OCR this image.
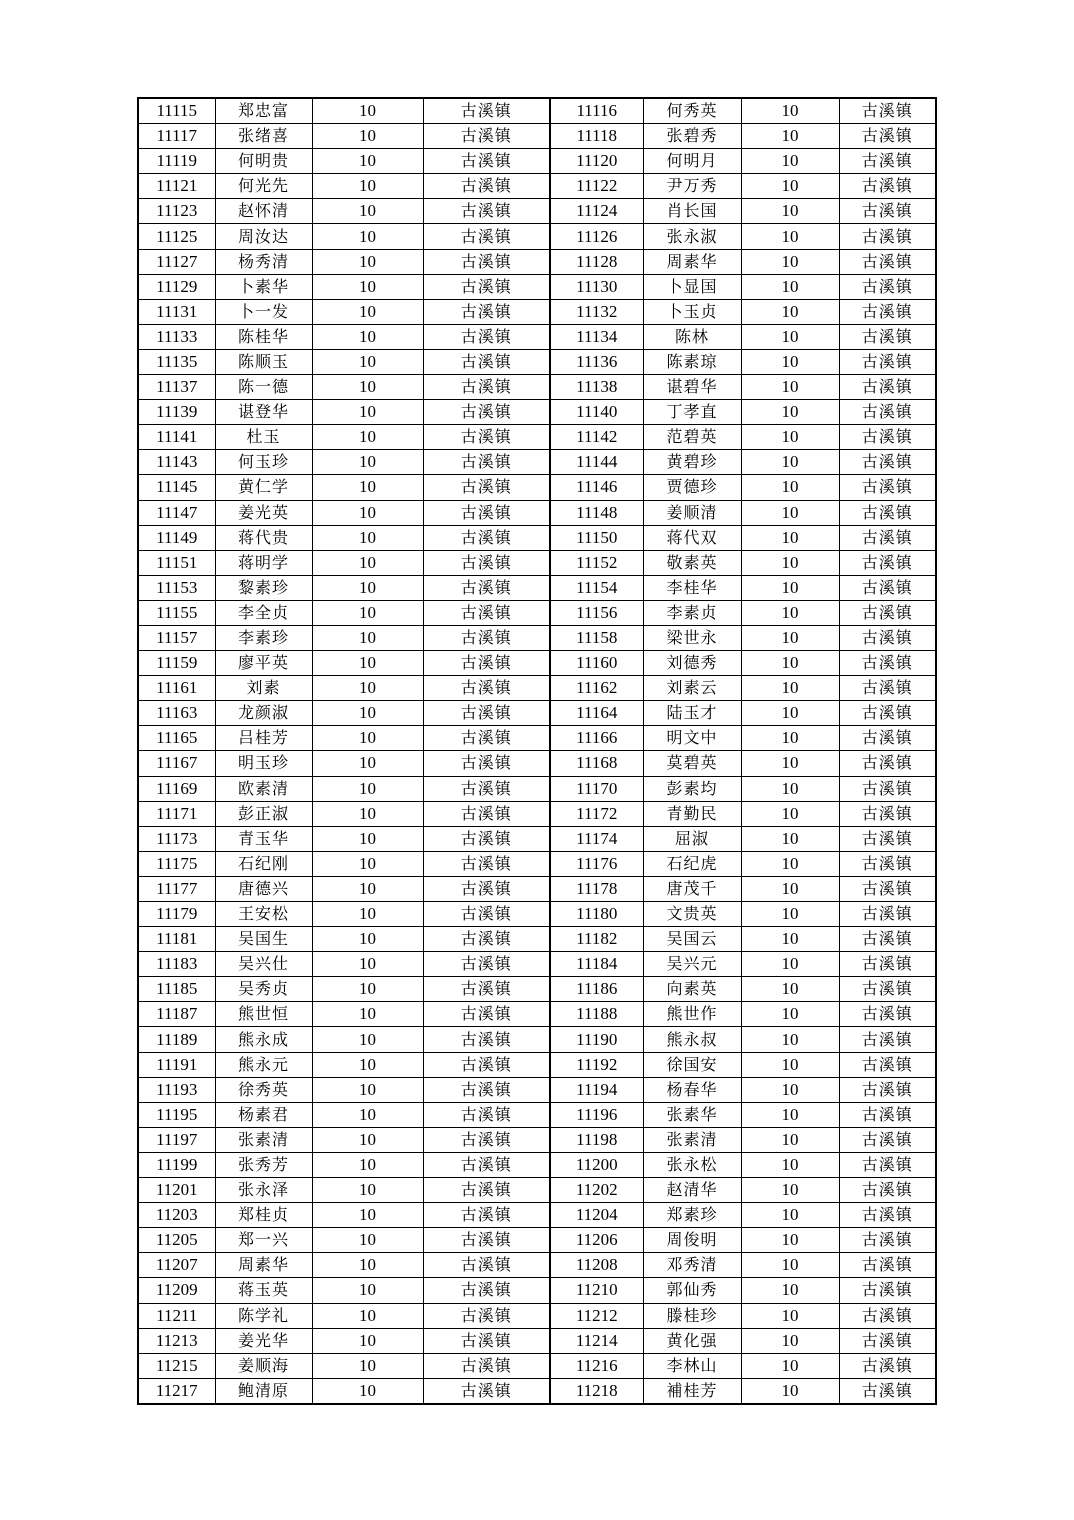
11115	郑忠富	10	古溪镇	11116	何秀英	10	古溪镇
11117	张绪喜	10	古溪镇	11118	张碧秀	10	古溪镇
11119	何明贵	10	古溪镇	11120	何明月	10	古溪镇
11121	何光先	10	古溪镇	11122	尹万秀	10	古溪镇
11123	赵怀清	10	古溪镇	11124	肖长国	10	古溪镇
11125	周汝达	10	古溪镇	11126	张永淑	10	古溪镇
11127	杨秀清	10	古溪镇	11128	周素华	10	古溪镇
11129	卜素华	10	古溪镇	11130	卜显国	10	古溪镇
11131	卜一发	10	古溪镇	11132	卜玉贞	10	古溪镇
11133	陈桂华	10	古溪镇	11134	陈林	10	古溪镇
11135	陈顺玉	10	古溪镇	11136	陈素琼	10	古溪镇
11137	陈一德	10	古溪镇	11138	谌碧华	10	古溪镇
11139	谌登华	10	古溪镇	11140	丁孝直	10	古溪镇
11141	杜玉	10	古溪镇	11142	范碧英	10	古溪镇
11143	何玉珍	10	古溪镇	11144	黄碧珍	10	古溪镇
11145	黄仁学	10	古溪镇	11146	贾德珍	10	古溪镇
11147	姜光英	10	古溪镇	11148	姜顺清	10	古溪镇
11149	蒋代贵	10	古溪镇	11150	蒋代双	10	古溪镇
11151	蒋明学	10	古溪镇	11152	敬素英	10	古溪镇
11153	黎素珍	10	古溪镇	11154	李桂华	10	古溪镇
11155	李全贞	10	古溪镇	11156	李素贞	10	古溪镇
11157	李素珍	10	古溪镇	11158	梁世永	10	古溪镇
11159	廖平英	10	古溪镇	11160	刘德秀	10	古溪镇
11161	刘素	10	古溪镇	11162	刘素云	10	古溪镇
11163	龙颜淑	10	古溪镇	11164	陆玉才	10	古溪镇
11165	吕桂芳	10	古溪镇	11166	明文中	10	古溪镇
11167	明玉珍	10	古溪镇	11168	莫碧英	10	古溪镇
11169	欧素清	10	古溪镇	11170	彭素均	10	古溪镇
11171	彭正淑	10	古溪镇	11172	青勤民	10	古溪镇
11173	青玉华	10	古溪镇	11174	屈淑	10	古溪镇
11175	石纪刚	10	古溪镇	11176	石纪虎	10	古溪镇
11177	唐德兴	10	古溪镇	11178	唐茂千	10	古溪镇
11179	王安松	10	古溪镇	11180	文贵英	10	古溪镇
11181	吴国生	10	古溪镇	11182	吴国云	10	古溪镇
11183	吴兴仕	10	古溪镇	11184	吴兴元	10	古溪镇
11185	吴秀贞	10	古溪镇	11186	向素英	10	古溪镇
11187	熊世恒	10	古溪镇	11188	熊世作	10	古溪镇
11189	熊永成	10	古溪镇	11190	熊永叔	10	古溪镇
11191	熊永元	10	古溪镇	11192	徐国安	10	古溪镇
11193	徐秀英	10	古溪镇	11194	杨春华	10	古溪镇
11195	杨素君	10	古溪镇	11196	张素华	10	古溪镇
11197	张素清	10	古溪镇	11198	张素清	10	古溪镇
11199	张秀芳	10	古溪镇	11200	张永松	10	古溪镇
11201	张永泽	10	古溪镇	11202	赵清华	10	古溪镇
11203	郑桂贞	10	古溪镇	11204	郑素珍	10	古溪镇
11205	郑一兴	10	古溪镇	11206	周俊明	10	古溪镇
11207	周素华	10	古溪镇	11208	邓秀清	10	古溪镇
11209	蒋玉英	10	古溪镇	11210	郭仙秀	10	古溪镇
11211	陈学礼	10	古溪镇	11212	滕桂珍	10	古溪镇
11213	姜光华	10	古溪镇	11214	黄化强	10	古溪镇
11215	姜顺海	10	古溪镇	11216	李林山	10	古溪镇
11217	鲍清原	10	古溪镇	11218	補桂芳	10	古溪镇
